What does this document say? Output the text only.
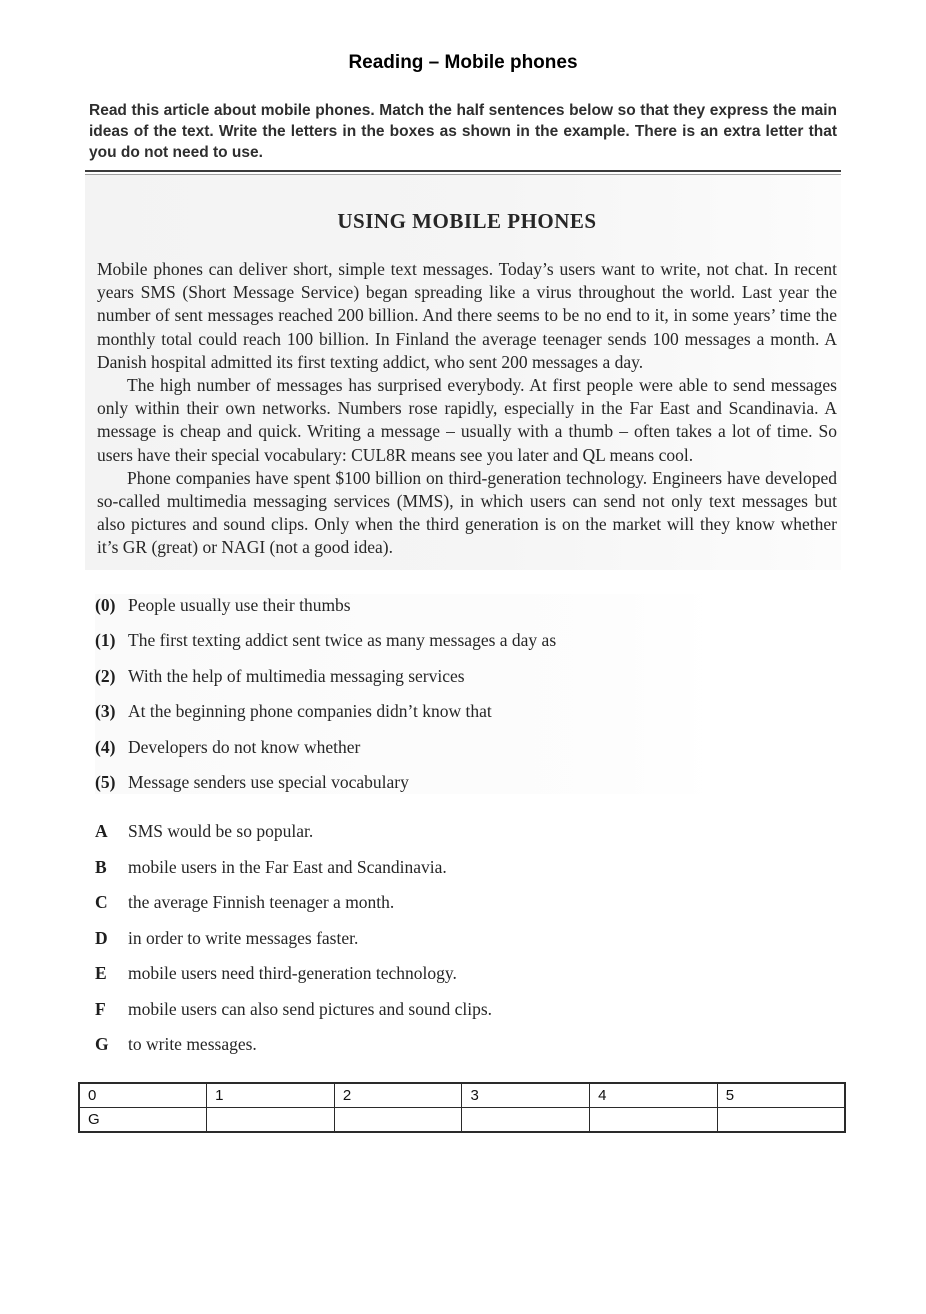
Reading – Mobile phones
Read this article about mobile phones. Match the half sentences below so that they express the main ideas of the text. Write the letters in the boxes as shown in the example. There is an extra letter that you do not need to use.
USING MOBILE PHONES

Mobile phones can deliver short, simple text messages. Today’s users want to write, not chat. In recent years SMS (Short Message Service) began spreading like a virus throughout the world. Last year the number of sent messages reached 200 billion. And there seems to be no end to it, in some years’ time the monthly total could reach 100 billion. In Finland the average teenager sends 100 messages a month. A Danish hospital admitted its first texting addict, who sent 200 messages a day.

The high number of messages has surprised everybody. At first people were able to send messages only within their own networks. Numbers rose rapidly, especially in the Far East and Scandinavia. A message is cheap and quick. Writing a message – usually with a thumb – often takes a lot of time. So users have their special vocabulary: CUL8R means see you later and QL means cool.

Phone companies have spent $100 billion on third-generation technology. Engineers have developed so-called multimedia messaging services (MMS), in which users can send not only text messages but also pictures and sound clips. Only when the third generation is on the market will they know whether it’s GR (great) or NAGI (not a good idea).

(0) People usually use their thumbs
(1) The first texting addict sent twice as many messages a day as
(2) With the help of multimedia messaging services
(3) At the beginning phone companies didn’t know that
(4) Developers do not know whether
(5) Message senders use special vocabulary
A	SMS would be so popular.
B	mobile users in the Far East and Scandinavia.
C	the average Finnish teenager a month.
D	in order to write messages faster.
E	mobile users need third-generation technology.
F	mobile users can also send pictures and sound clips.
G	to write messages.
0	1	2	3	4	5
G					
